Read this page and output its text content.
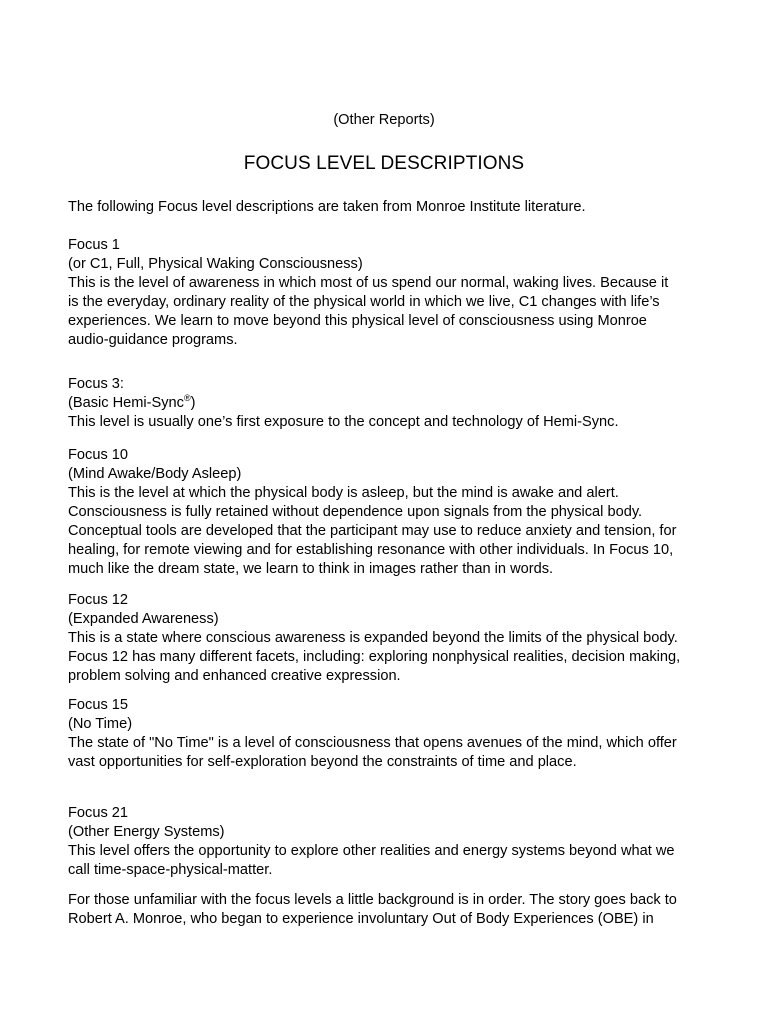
(Other Reports)
FOCUS LEVEL DESCRIPTIONS

The following Focus level descriptions are taken from Monroe Institute literature.

Focus 1

(or C1, Full, Physical Waking Consciousness)

This is the level of awareness in which most of us spend our normal, waking lives. Because it

is the everyday, ordinary reality of the physical world in which we live, C1 changes with life’s

experiences. We learn to move beyond this physical level of consciousness using Monroe

audio-guidance programs.

Focus 3:

(Basic Hemi-Sync®)

This level is usually one’s first exposure to the concept and technology of Hemi-Sync.

Focus 10

(Mind Awake/Body Asleep)

This is the level at which the physical body is asleep, but the mind is awake and alert.

Consciousness is fully retained without dependence upon signals from the physical body.

Conceptual tools are developed that the participant may use to reduce anxiety and tension, for

healing, for remote viewing and for establishing resonance with other individuals. In Focus 10,

much like the dream state, we learn to think in images rather than in words.

Focus 12

(Expanded Awareness)

This is a state where conscious awareness is expanded beyond the limits of the physical body.

Focus 12 has many different facets, including: exploring nonphysical realities, decision making,

problem solving and enhanced creative expression.

Focus 15

(No Time)

The state of "No Time" is a level of consciousness that opens avenues of the mind, which offer

vast opportunities for self-exploration beyond the constraints of time and place.

Focus 21

(Other Energy Systems)

This level offers the opportunity to explore other realities and energy systems beyond what we

call time-space-physical-matter.

For those unfamiliar with the focus levels a little background is in order. The story goes back to

Robert A. Monroe, who began to experience involuntary Out of Body Experiences (OBE) in
